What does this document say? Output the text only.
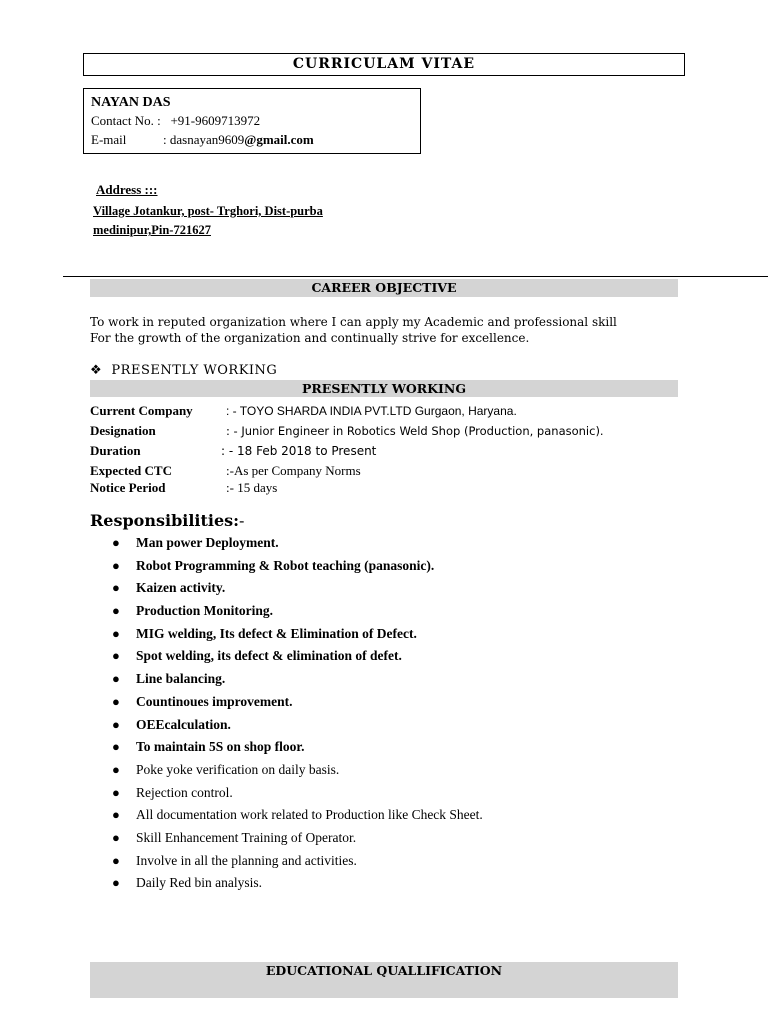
CURRICULAM VITAE
NAYAN DAS
Contact No. : +91-9609713972
E-mail	: dasnayan9609@gmail.com
Address :::
Village Jotankur, post- Trghori, Dist-purba
medinipur,Pin-721627
CAREER OBJECTIVE
To work in reputed organization where I can apply my Academic and professional skill
For the growth of the organization and continually strive for excellence.
❖ PRESENTLY WORKING
PRESENTLY WORKING
Current Company	: - TOYO SHARDA INDIA PVT.LTD Gurgaon, Haryana.
Designation	: - Junior Engineer in Robotics Weld Shop (Production, panasonic).
Duration	: - 18 Feb 2018 to Present
Expected CTC	:-As per Company Norms
Notice Period	:- 15 days
Responsibilities:-
● Man power Deployment.
● Robot Programming & Robot teaching (panasonic).
● Kaizen activity.
● Production Monitoring.
● MIG welding, Its defect & Elimination of Defect.
● Spot welding, its defect & elimination of defet.
● Line balancing.
● Countinoues improvement.
● OEEcalculation.
● To maintain 5S on shop floor.
● Poke yoke verification on daily basis.
● Rejection control.
● All documentation work related to Production like Check Sheet.
● Skill Enhancement Training of Operator.
● Involve in all the planning and activities.
● Daily Red bin analysis.
EDUCATIONAL QUALLIFICATION
